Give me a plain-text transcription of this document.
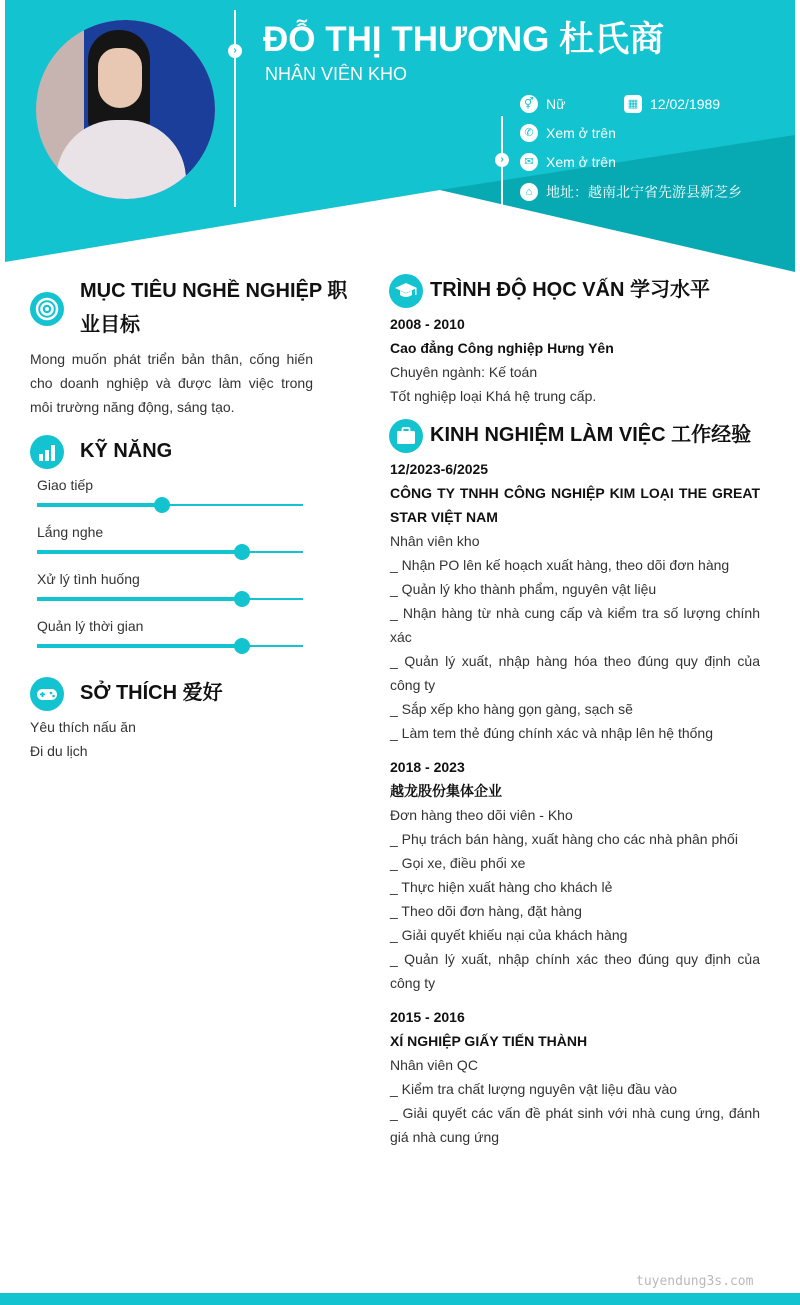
› ĐỖ THỊ THƯƠNG 杜氏商
NHÂN VIÊN KHO
›
⚥ Nữ	▦ 12/02/1989
✆ Xem ở trên
✉ Xem ở trên
⌂ 地址：越南北宁省先游县新芝乡
MỤC TIÊU NGHỀ NGHIỆP 职
业目标
Mong muốn phát triển bản thân, cống hiến cho doanh nghiệp và được làm việc trong môi trường năng động, sáng tạo.
KỸ NĂNG
Giao tiếp
Lắng nghe
Xử lý tình huống
Quản lý thời gian
SỞ THÍCH 爱好
Yêu thích nấu ăn
Đi du lịch
TRÌNH ĐỘ HỌC VẤN 学习水平
2008 - 2010
Cao đẳng Công nghiệp Hưng Yên
Chuyên ngành: Kế toán
Tốt nghiệp loại Khá hệ trung cấp.
KINH NGHIỆM LÀM VIỆC 工作经验
12/2023-6/2025
CÔNG TY TNHH CÔNG NGHIỆP KIM LOẠI THE GREAT STAR VIỆT NAM
Nhân viên kho
_ Nhận PO lên kế hoạch xuất hàng, theo dõi đơn hàng
_ Quản lý kho thành phẩm, nguyên vật liệu
_ Nhận hàng từ nhà cung cấp và kiểm tra số lượng chính xác
_ Quản lý xuất, nhập hàng hóa theo đúng quy định của công ty
_ Sắp xếp kho hàng gọn gàng, sạch sẽ
_ Làm tem thẻ đúng chính xác và nhập lên hệ thống
2018 - 2023
越龙股份集体企业
Đơn hàng theo dõi viên - Kho
_ Phụ trách bán hàng, xuất hàng cho các nhà phân phối
_ Gọi xe, điều phối xe
_ Thực hiện xuất hàng cho khách lẻ
_ Theo dõi đơn hàng, đặt hàng
_ Giải quyết khiếu nại của khách hàng
_ Quản lý xuất, nhập chính xác theo đúng quy định của công ty
2015 - 2016
XÍ NGHIỆP GIẤY TIẾN THÀNH
Nhân viên QC
_ Kiểm tra chất lượng nguyên vật liệu đầu vào
_ Giải quyết các vấn đề phát sinh với nhà cung ứng, đánh giá nhà cung ứng
tuyendung3s.com
